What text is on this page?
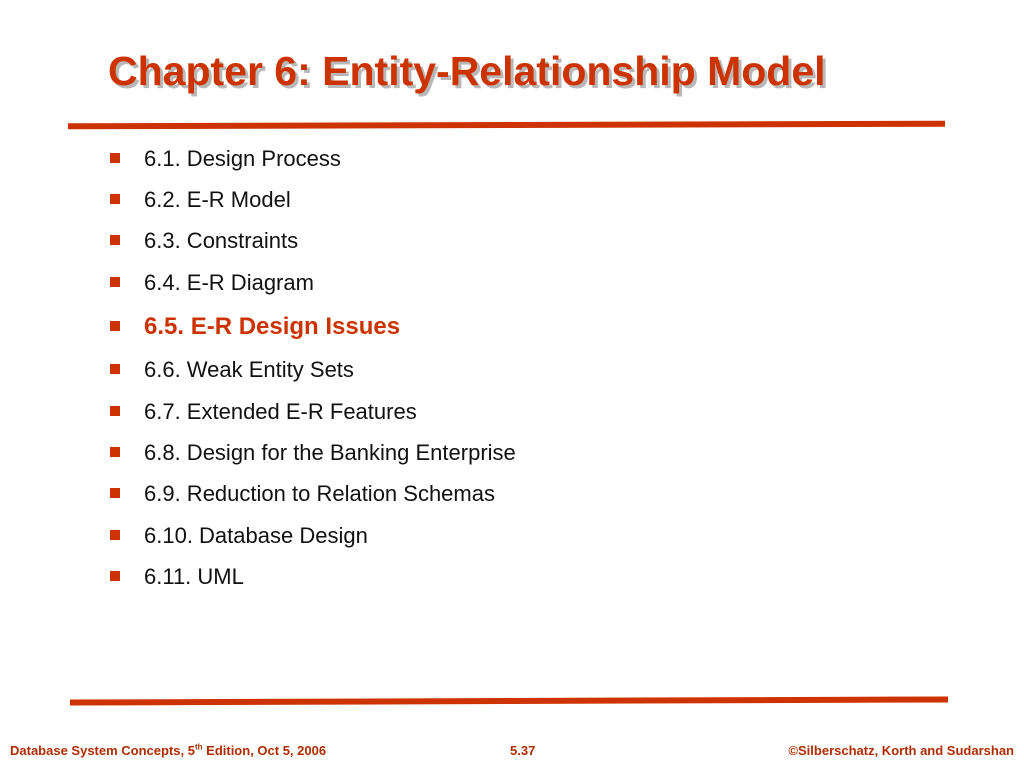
Chapter 6: Entity-Relationship Model
6.1. Design Process
6.2. E-R Model
6.3. Constraints
6.4. E-R Diagram
6.5. E-R Design Issues
6.6. Weak Entity Sets
6.7. Extended E-R Features
6.8. Design for the Banking Enterprise
6.9. Reduction to Relation Schemas
6.10. Database Design
6.11. UML
Database System Concepts, 5th Edition, Oct 5, 2006	5.37	©Silberschatz, Korth and Sudarshan
